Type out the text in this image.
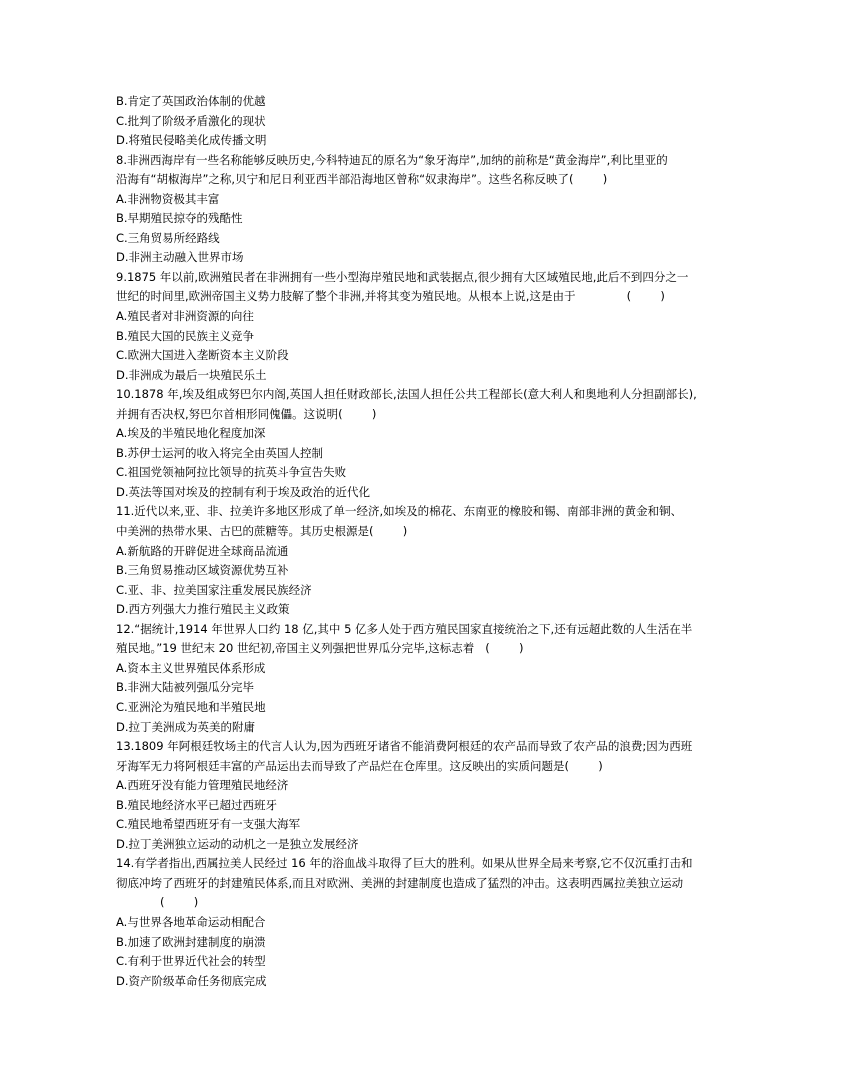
B.肯定了英国政治体制的优越
C.批判了阶级矛盾激化的现状
D.将殖民侵略美化成传播文明
8.非洲西海岸有一些名称能够反映历史,今科特迪瓦的原名为“象牙海岸”,加纳的前称是“黄金海岸”,利比里亚的
沿海有“胡椒海岸”之称,贝宁和尼日利亚西半部沿海地区曾称“奴隶海岸”。这些名称反映了(        )
A.非洲物资极其丰富
B.早期殖民掠夺的残酷性
C.三角贸易所经路线
D.非洲主动融入世界市场
9.1875 年以前,欧洲殖民者在非洲拥有一些小型海岸殖民地和武装据点,很少拥有大区域殖民地,此后不到四分之一
世纪的时间里,欧洲帝国主义势力肢解了整个非洲,并将其变为殖民地。从根本上说,这是由于              (        )
A.殖民者对非洲资源的向往
B.殖民大国的民族主义竞争
C.欧洲大国进入垄断资本主义阶段
D.非洲成为最后一块殖民乐土
10.1878 年,埃及组成努巴尔内阁,英国人担任财政部长,法国人担任公共工程部长(意大利人和奥地利人分担副部长),
并拥有否决权,努巴尔首相形同傀儡。这说明(        )
A.埃及的半殖民地化程度加深
B.苏伊士运河的收入将完全由英国人控制
C.祖国党领袖阿拉比领导的抗英斗争宣告失败
D.英法等国对埃及的控制有利于埃及政治的近代化
11.近代以来,亚、非、拉美许多地区形成了单一经济,如埃及的棉花、东南亚的橡胶和锡、南部非洲的黄金和铜、
中美洲的热带水果、古巴的蔗糖等。其历史根源是(        )
A.新航路的开辟促进全球商品流通
B.三角贸易推动区域资源优势互补
C.亚、非、拉美国家注重发展民族经济
D.西方列强大力推行殖民主义政策
12.“据统计,1914 年世界人口约 18 亿,其中 5 亿多人处于西方殖民国家直接统治之下,还有远超此数的人生活在半
殖民地。”19 世纪末 20 世纪初,帝国主义列强把世界瓜分完毕,这标志着   (        )
A.资本主义世界殖民体系形成
B.非洲大陆被列强瓜分完毕
C.亚洲沦为殖民地和半殖民地
D.拉丁美洲成为英美的附庸
13.1809 年阿根廷牧场主的代言人认为,因为西班牙诸省不能消费阿根廷的农产品而导致了农产品的浪费;因为西班
牙海军无力将阿根廷丰富的产品运出去而导致了产品烂在仓库里。这反映出的实质问题是(        )
A.西班牙没有能力管理殖民地经济
B.殖民地经济水平已超过西班牙
C.殖民地希望西班牙有一支强大海军
D.拉丁美洲独立运动的动机之一是独立发展经济
14.有学者指出,西属拉美人民经过 16 年的浴血战斗取得了巨大的胜利。如果从世界全局来考察,它不仅沉重打击和
彻底冲垮了西班牙的封建殖民体系,而且对欧洲、美洲的封建制度也造成了猛烈的冲击。这表明西属拉美独立运动
(        )
A.与世界各地革命运动相配合
B.加速了欧洲封建制度的崩溃
C.有利于世界近代社会的转型
D.资产阶级革命任务彻底完成
